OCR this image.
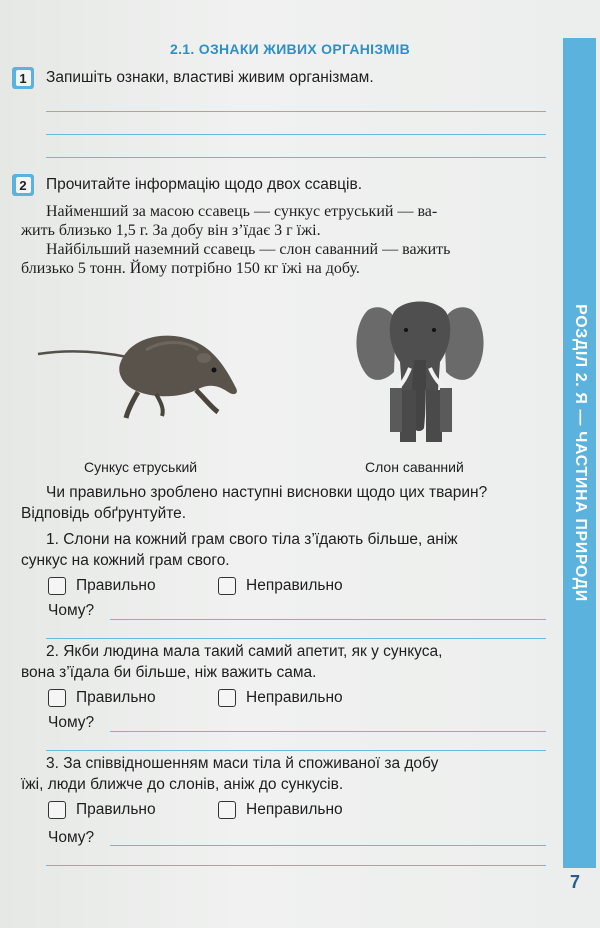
2.1. ОЗНАКИ ЖИВИХ ОРГАНІЗМІВ
РОЗДІЛ 2. Я — ЧАСТИНА ПРИРОДИ
1 Запишіть ознаки, властиві живим організмам.
2 Прочитайте інформацію щодо двох ссавців.
Найменший за масою ссавець — сункус етруський — ва-
жить близько 1,5 г. За добу він з’їдає 3 г їжі.
Найбільший наземний ссавець — слон саванний — важить
близько 5 тонн. Йому потрібно 150 кг їжі на добу.
Сункус етруський	Слон саванний
Чи правильно зроблено наступні висновки щодо цих тварин?
Відповідь обґрунтуйте.
1. Слони на кожний грам свого тіла з’їдають більше, аніж
сункус на кожний грам свого.
Правильно	Неправильно
Чому?
2. Якби людина мала такий самий апетит, як у сункуса,
вона з’їдала би більше, ніж важить сама.
Правильно	Неправильно
Чому?
3. За співвідношенням маси тіла й споживаної за добу
їжі, люди ближче до слонів, аніж до сункусів.
Правильно	Неправильно
Чому?
7
